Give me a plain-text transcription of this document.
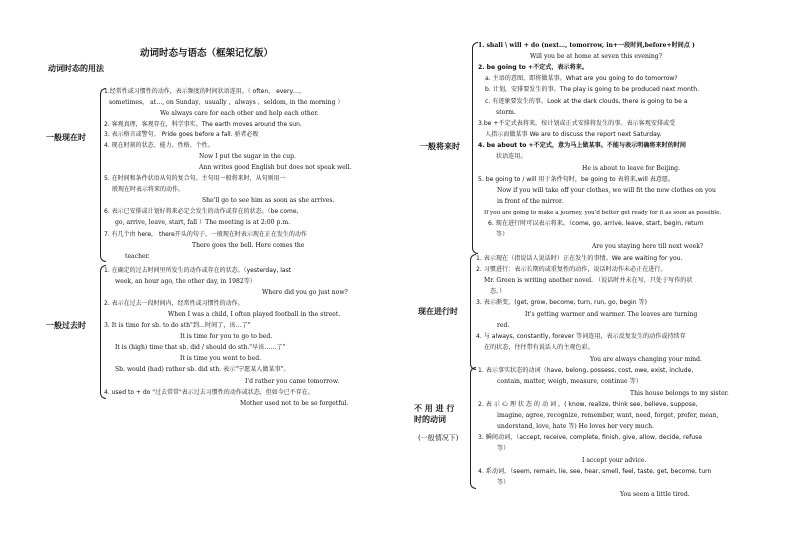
动词时态与语态（框架记忆版）
动词时态的用法
一般现在时
1.经常性或习惯性的动作，表示频度的时间状语连用。（ often， every…，
sometimes， at…, on Sunday，usually ，always ，seldom, in the morning ）
We always care for each other and help each other.
2. 客观真理，客观存在，科学事实。The earth moves around the sun.
3. 表示格言或警句。 Pride goes before a fall. 骄者必败
4. 现在时刻的状态、能力、性格、个性。
Now I put the sugar in the cup.
Ann writes good English but does not speak well.
5. 在时间和条件状语从句的复合句。主句用一般将来时，从句则用一
般现在时表示将来的动作。
She'll go to see him as soon as she arrives.
6. 表示已安排或计划好将来必定会发生的动作或存在的状态。（be come,
go, arrive, leave, start, fall ）The meeting is at 2:00 p.m.
7. 有几个由 here， there开头的句子。一般现在时表示现在正在发生的动作
There goes the bell. Here comes the
teacher.
一般过去时
1. 在确定的过去时间里所发生的动作或存在的状态。（yesterday, last
week, an hour ago, the other day, in 1982等）
Where did you go just now?
2. 表示在过去一段时间内，经常性或习惯性的动作。
When I was a child, I often played football in the street.
3. It is time for sb. to do sth"到…时间了，该…了"
It is time for you to go to bed.
It is (high) time that sb. did / should do sth."早该……了"
It is time you went to bed.
Sb. would (had) rather sb. did sth. 表示"宁愿某人做某事"。
I'd rather you came tomorrow.
4. used to + do "过去常常"表示过去习惯性的动作或状态，但如今已不存在。
Mother used not to be so forgetful.
一般将来时
1. shall \ will + do (next…, tomorrow, in+一段时间,before+时间点 )
Will you be at home at seven this evening?
2. be going to +不定式，表示将来。
a. 主语的意图，即将做某事。What are you going to do tomorrow?
b. 计划，安排要发生的事。The play is going to be produced next month.
c. 有迹象要发生的事。Look at the dark clouds, there is going to be a
storm.
3.be +不定式表将来，按计划或正式安排将发生的事。表示客观安排或受
人指示而做某事 We are to discuss the report next Saturday.
4. be about to +不定式，意为马上做某事。不能与表示明确将来时的时间
状语连用。
He is about to leave for Beijing.
5. be going to / will 用于条件句时，be going to 表将来,will 表意愿。
Now if you will take off your clothes, we will fit the new clothes on you
in front of the mirror.
If you are going to make a journey, you'd better get ready for it as soon as possible.
6. 现在进行时可以表示将来。（come, go, arrive, leave, start, begin, return
等）
现在进行时
Are you staying here till next week?
1. 表示现在（指说话人说话时）正在发生的事情。We are waiting for you.
2. 习惯进行：表示长期的或重复性的动作，说话时动作未必正在进行。
Mr. Green is writing another novel. （说话时并未在写，只处于写作的状
态。）
3. 表示渐变，(get, grow, become, turn, run, go, begin 等)
It's getting warmer and warmer. The leaves are turning
red.
4. 与 always, constantly, forever 等词连用，表示反复发生的动作或持续存
在的状态，往往带有说话人的主观色彩。
You are always changing your mind.
不 用 进 行
时的动词
(一般情况下)
1. 表示事实状态的动词（have, belong, possess, cost, owe, exist, include,
contain, matter, weigh, measure, continue 等）
This house belongs to my sister.
2. 表 示 心 理 状 态 的 动 词 ，( know, realize, think see, believe, suppose,
imagine, agree, recognize, remember, want, need, forget, prefer, mean,
understand, love, hate 等) He loves her very much.
3. 瞬间动词，（accept, receive, complete, finish, give, allow, decide, refuse
等）
I accept your advice.
4. 系动词，（seem, remain, lie, see, hear, smell, feel, taste, get, become, turn
等）
You seem a little tired.
